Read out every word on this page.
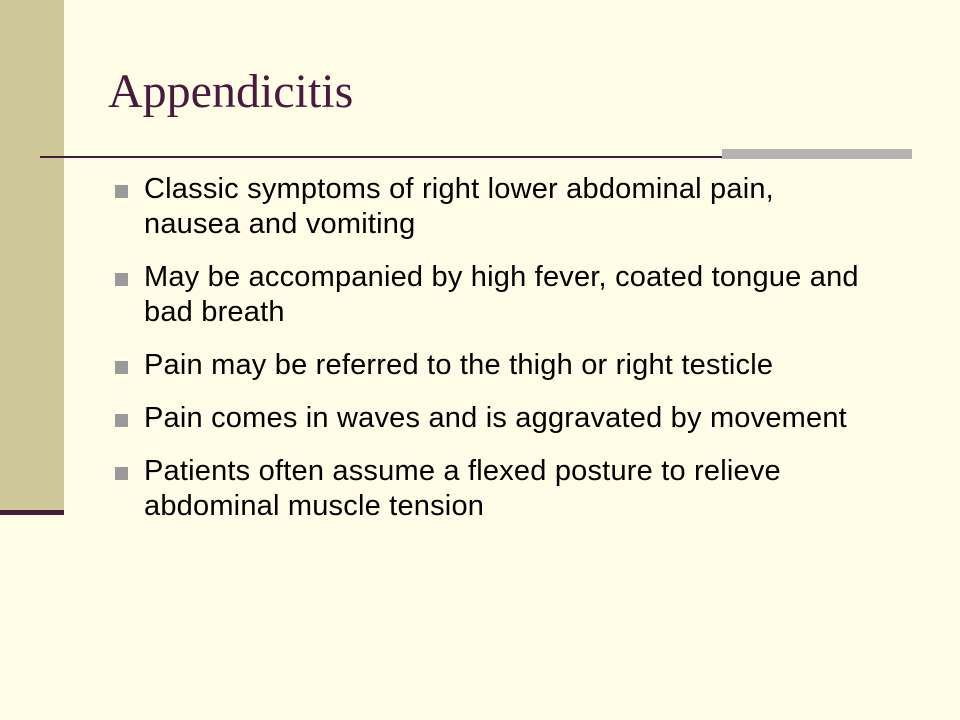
Appendicitis
Classic symptoms of right lower abdominal pain, nausea and vomiting
May be accompanied by high fever, coated tongue and bad breath
Pain may be referred to the thigh or right testicle
Pain comes in waves and is aggravated by movement
Patients often assume a flexed posture to relieve abdominal muscle tension
